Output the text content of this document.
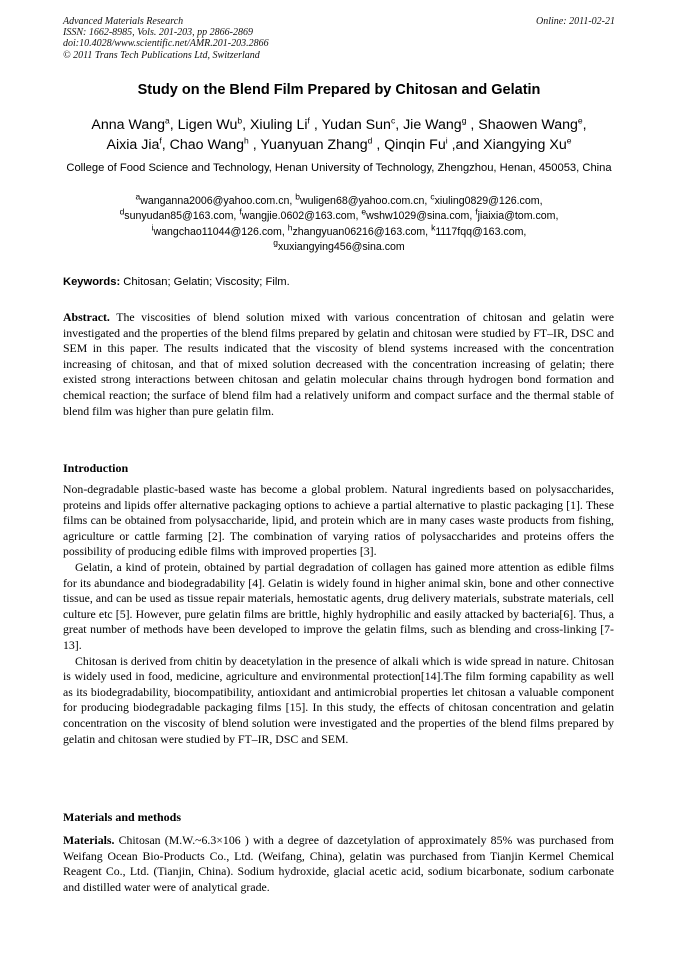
Advanced Materials Research
ISSN: 1662-8985, Vols. 201-203, pp 2866-2869
doi:10.4028/www.scientific.net/AMR.201-203.2866
© 2011 Trans Tech Publications Ltd, Switzerland
Online: 2011-02-21
Study on the Blend Film Prepared by Chitosan and Gelatin
Anna Wang$^a$, Ligen Wu$^b$, Xiuling Li$^f$ , Yudan Sun$^c$, Jie Wang$^g$ , Shaowen Wang$^e$,
Aixia Jia$^f$, Chao Wang$^h$ , Yuanyuan Zhang$^d$ , Qinqin Fu$^i$ ,and Xiangying Xu$^e$
College of Food Science and Technology, Henan University of Technology, Zhengzhou, Henan, 450053, China
$^a$wanganna2006@yahoo.com.cn, $^b$wuligen68@yahoo.com.cn, $^c$xiuling0829@126.com,
$^d$sunyudan85@163.com, $^f$wangjie.0602@163.com, $^e$wshw1029@sina.com, $^f$jiaixia@tom.com,
$^i$wangchao11044@126.com, $^h$zhangyuan06216@163.com, $^k$1117fqq@163.com,
$^g$xuxiangying456@sina.com
Keywords: Chitosan; Gelatin; Viscosity; Film.
Abstract. The viscosities of blend solution mixed with various concentration of chitosan and gelatin were investigated and the properties of the blend films prepared by gelatin and chitosan were studied by FT–IR, DSC and SEM in this paper. The results indicated that the viscosity of blend systems increased with the concentration increasing of chitosan, and that of mixed solution decreased with the concentration increasing of gelatin; there existed strong interactions between chitosan and gelatin molecular chains through hydrogen bond formation and chemical reaction; the surface of blend film had a relatively uniform and compact surface and the thermal stable of blend film was higher than pure gelatin film.
Introduction

Non-degradable plastic-based waste has become a global problem. Natural ingredients based on polysaccharides, proteins and lipids offer alternative packaging options to achieve a partial alternative to plastic packaging [1]. These films can be obtained from polysaccharide, lipid, and protein which are in many cases waste products from fishing, agriculture or cattle farming [2]. The combination of varying ratios of polysaccharides and proteins offers the possibility of producing edible films with improved properties [3].

Gelatin, a kind of protein, obtained by partial degradation of collagen has gained more attention as edible films for its abundance and biodegradability [4]. Gelatin is widely found in higher animal skin, bone and other connective tissue, and can be used as tissue repair materials, hemostatic agents, drug delivery materials, substrate materials, cell culture etc [5]. However, pure gelatin films are brittle, highly hydrophilic and easily attacked by bacteria[6]. Thus, a great number of methods have been developed to improve the gelatin films, such as blending and cross-linking [7-13].

Chitosan is derived from chitin by deacetylation in the presence of alkali which is wide spread in nature. Chitosan is widely used in food, medicine, agriculture and environmental protection[14].The film forming capability as well as its biodegradability, biocompatibility, antioxidant and antimicrobial properties let chitosan a valuable component for producing biodegradable packaging films [15]. In this study, the effects of chitosan concentration and gelatin concentration on the viscosity of blend solution were investigated and the properties of the blend films prepared by gelatin and chitosan were studied by FT–IR, DSC and SEM.

Materials and methods
Materials. Chitosan (M.W.~6.3×106 ) with a degree of dazcetylation of approximately 85% was purchased from Weifang Ocean Bio-Products Co., Ltd. (Weifang, China), gelatin was purchased from Tianjin Kermel Chemical Reagent Co., Ltd. (Tianjin, China). Sodium hydroxide, glacial acetic acid, sodium bicarbonate, sodium carbonate and distilled water were of analytical grade.
